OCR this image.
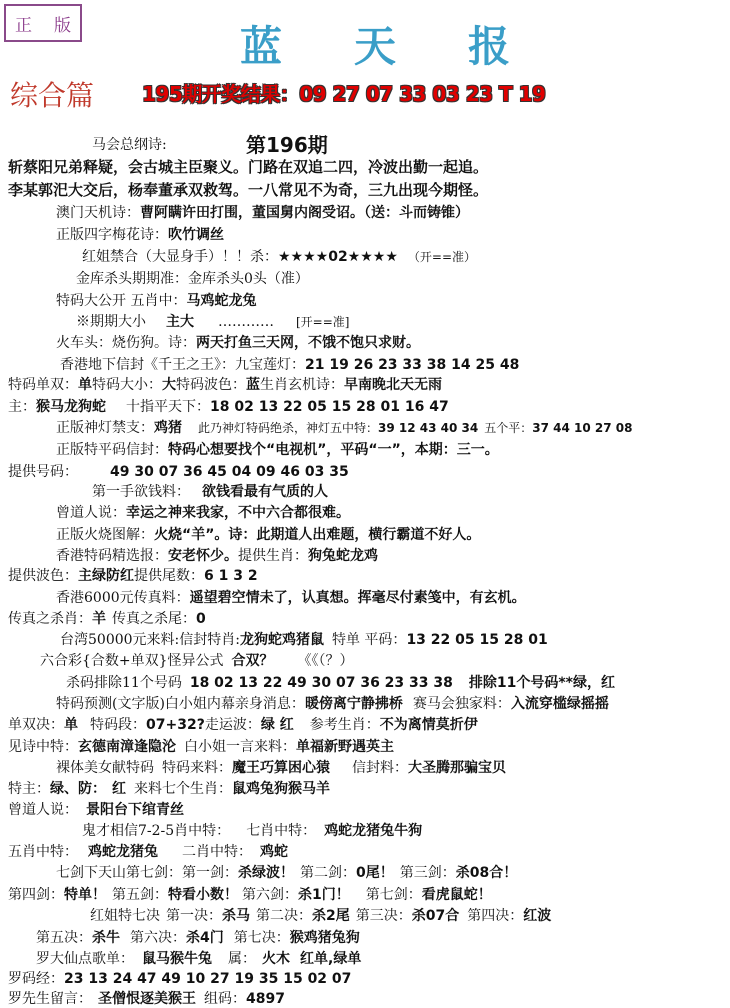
正 版	蓝 天 报
综合篇 195期开奖结果：09 27 07 33 03 23 T 19
第196期
马会总纲诗:
斩蔡阳兄弟释疑，会古城主臣聚义。门路在双追二四，冷波出勤一起追。
李某郭汜大交后，杨奉董承双救驾。一八常见不为奇，三九出现今期怪。
澳门天机诗：曹阿瞒许田打围，董国舅内阁受诏。（送：斗而铸锥）
正版四字梅花诗：吹竹调丝
红姐禁合（大显身手）！！杀：★★★★02★★★★ （开==准）
金库杀头期期准：金库杀头0头（准）
特码大公开 五肖中：马鸡蛇龙兔
※期期大小 主大 ………… [开==准]
火车头：烧伤狗。诗：两天打鱼三天网，不饿不饱只求财。
香港地下信封《千王之王》：九宝莲灯：21 19 26 23 33 38 14 25 48
特码单双：单特码大小：大特码波色：蓝生肖玄机诗：早南晚北天无雨
主：猴马龙狗蛇 十指平天下：18 02 13 22 05 15 28 01 16 47
正版神灯禁支：鸡猪 此乃神灯特码绝杀，神灯五中特：39 12 43 40 34 五个平：37 44 10 27 08
正版特平码信封：特码心想要找个“电视机”，平码“一”，本期：三一。
提供号码： 49 30 07 36 45 04 09 46 03 35
第一手欲钱料： 欲钱看最有气质的人
曾道人说：幸运之神来我家，不中六合都很难。
正版火烧图解：火烧“羊”。诗：此期道人出难题，横行霸道不好人。
香港特码精选报：安老怀少。提供生肖：狗兔蛇龙鸡
提供波色：主绿防红提供尾数：6 1 3 2
香港6000元传真料：遥望碧空情未了，认真想。挥毫尽付素笺中，有玄机。
传真之杀肖：羊 传真之杀尾：0
台湾50000元来料:信封特肖:龙狗蛇鸡猪鼠 特单 平码：13 22 05 15 28 01
六合彩{合数+单双}怪异公式 合双？ 《《（？）
杀码排除11个号码 18 02 13 22 49 30 07 36 23 33 38 排除11个号码**绿，红
特码预测(文字版)白小姐内幕亲身消息：暖傍离宁静拂桥 赛马会独家料：入流穿槛绿摇摇
单双决：单 特码段：07+32?走运波：绿 红 参考生肖：不为离情莫折伊
见诗中特：玄德南漳逢隐沦 白小姐一言来料：单福新野遇英主
裸体美女献特码 特码来料：魔王巧算困心猿 信封料：大圣腾那骗宝贝
特主：绿、防： 红 来料七个生肖：鼠鸡兔狗猴马羊
曾道人说： 景阳台下绾青丝
鬼才相信7-2-5肖中特： 七肖中特： 鸡蛇龙猪兔牛狗
五肖中特： 鸡蛇龙猪兔 二肖中特： 鸡蛇
七剑下天山第七剑：第一剑：杀绿波！ 第二剑：0尾！ 第三剑：杀08合！
第四剑：特单！ 第五剑：特看小数！ 第六剑：杀1门！ 第七剑：看虎鼠蛇！
红姐特七决 第一决：杀马 第二决：杀2尾 第三决：杀07合 第四决：红波
第五决：杀牛 第六决：杀4门 第七决：猴鸡猪兔狗
罗大仙点歌单： 鼠马猴牛兔 属： 火木 红单,绿单
罗码经：23 13 24 47 49 10 27 19 35 15 02 07
罗先生留言： 圣僧恨逐美猴王 组码：4897
